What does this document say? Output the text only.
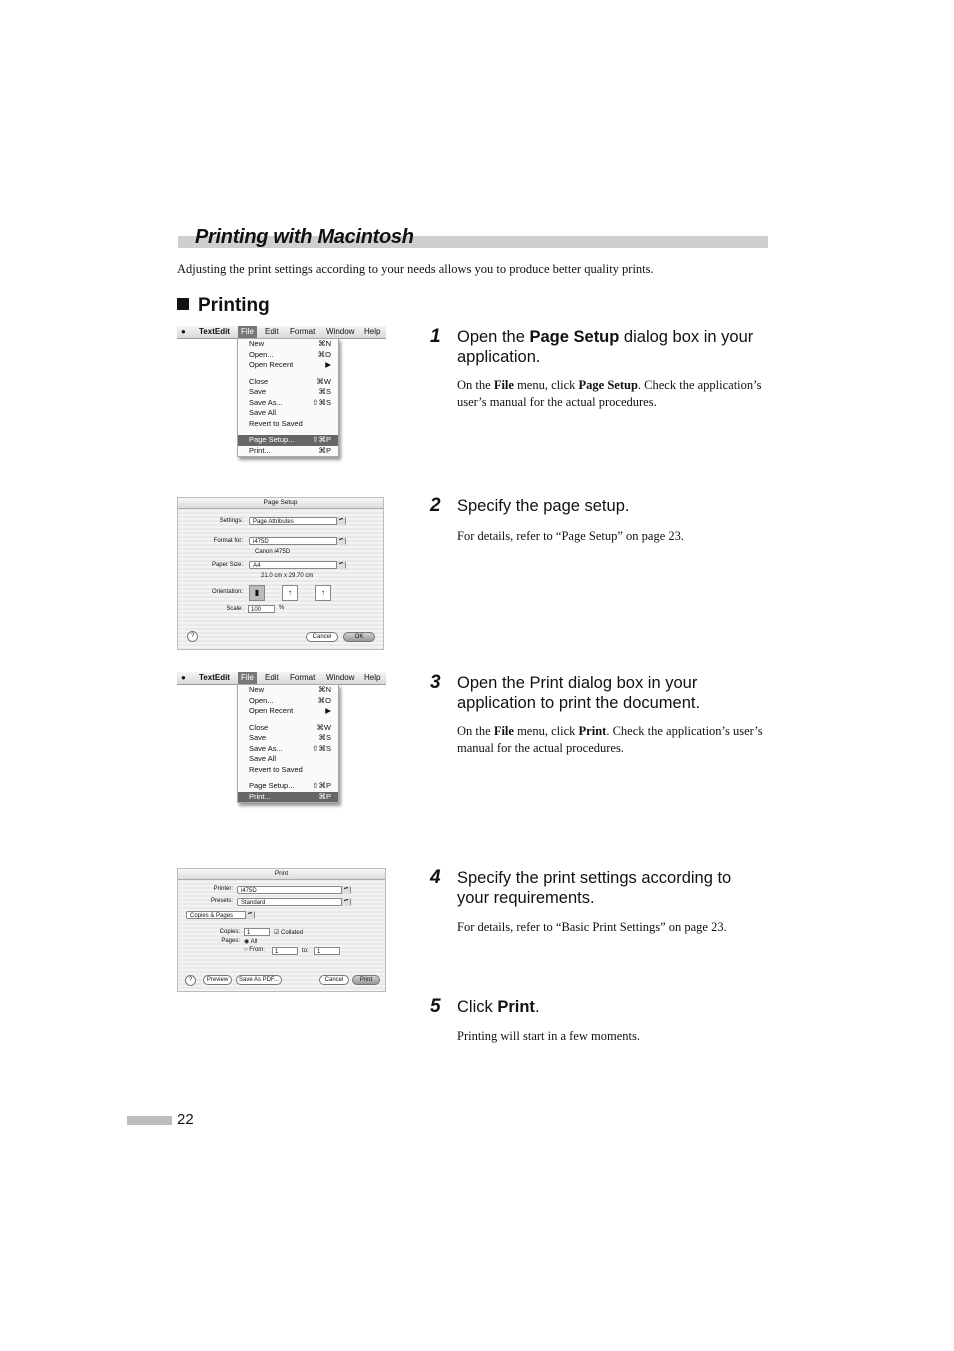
Printing with Macintosh
Adjusting the print settings according to your needs allows you to produce better quality prints.
Printing
1 Open the Page Setup dialog box in your application.
On the File menu, click Page Setup. Check the application’s user’s manual for the actual procedures.
2 Specify the page setup.
For details, refer to “Page Setup” on page 23.
3 Open the Print dialog box in your application to print the document.
On the File menu, click Print. Check the application’s user’s manual for the actual procedures.
4 Specify the print settings according to your requirements.
For details, refer to “Basic Print Settings” on page 23.
5 Click Print.
Printing will start in a few moments.
● TextEdit	File	Edit Format Window Help
New	⌘N
Open...	⌘O
Open Recent	▶
Close	⌘W
Save	⌘S
Save As...	⇧⌘S
Save All
Revert to Saved
Page Setup... ⇧⌘P
Print...	⌘P
Page Setup
Settings:	Page Attributes ▴▾
Format for:	i475D ▴▾
Canon i475D
Paper Size:	A4 ▴▾
21.0 cm x 29.70 cm
Orientation:	▮	↑	↑
Scale:	100	%
?	Cancel	OK
● TextEdit	File	Edit Format Window Help
New	⌘N
Open...	⌘O
Open Recent	▶
Close	⌘W
Save	⌘S
Save As...	⇧⌘S
Save All
Revert to Saved
Page Setup... ⇧⌘P
Print...	⌘P
Print
Printer:	i475D ▴▾
Presets:	Standard ▴▾
Copies & Pages ▴▾
Copies:	1	☑ Collated
Pages: ◉ All
○ From:	1	to:	1
?	Preview	Save As PDF...	Cancel	Print
22
